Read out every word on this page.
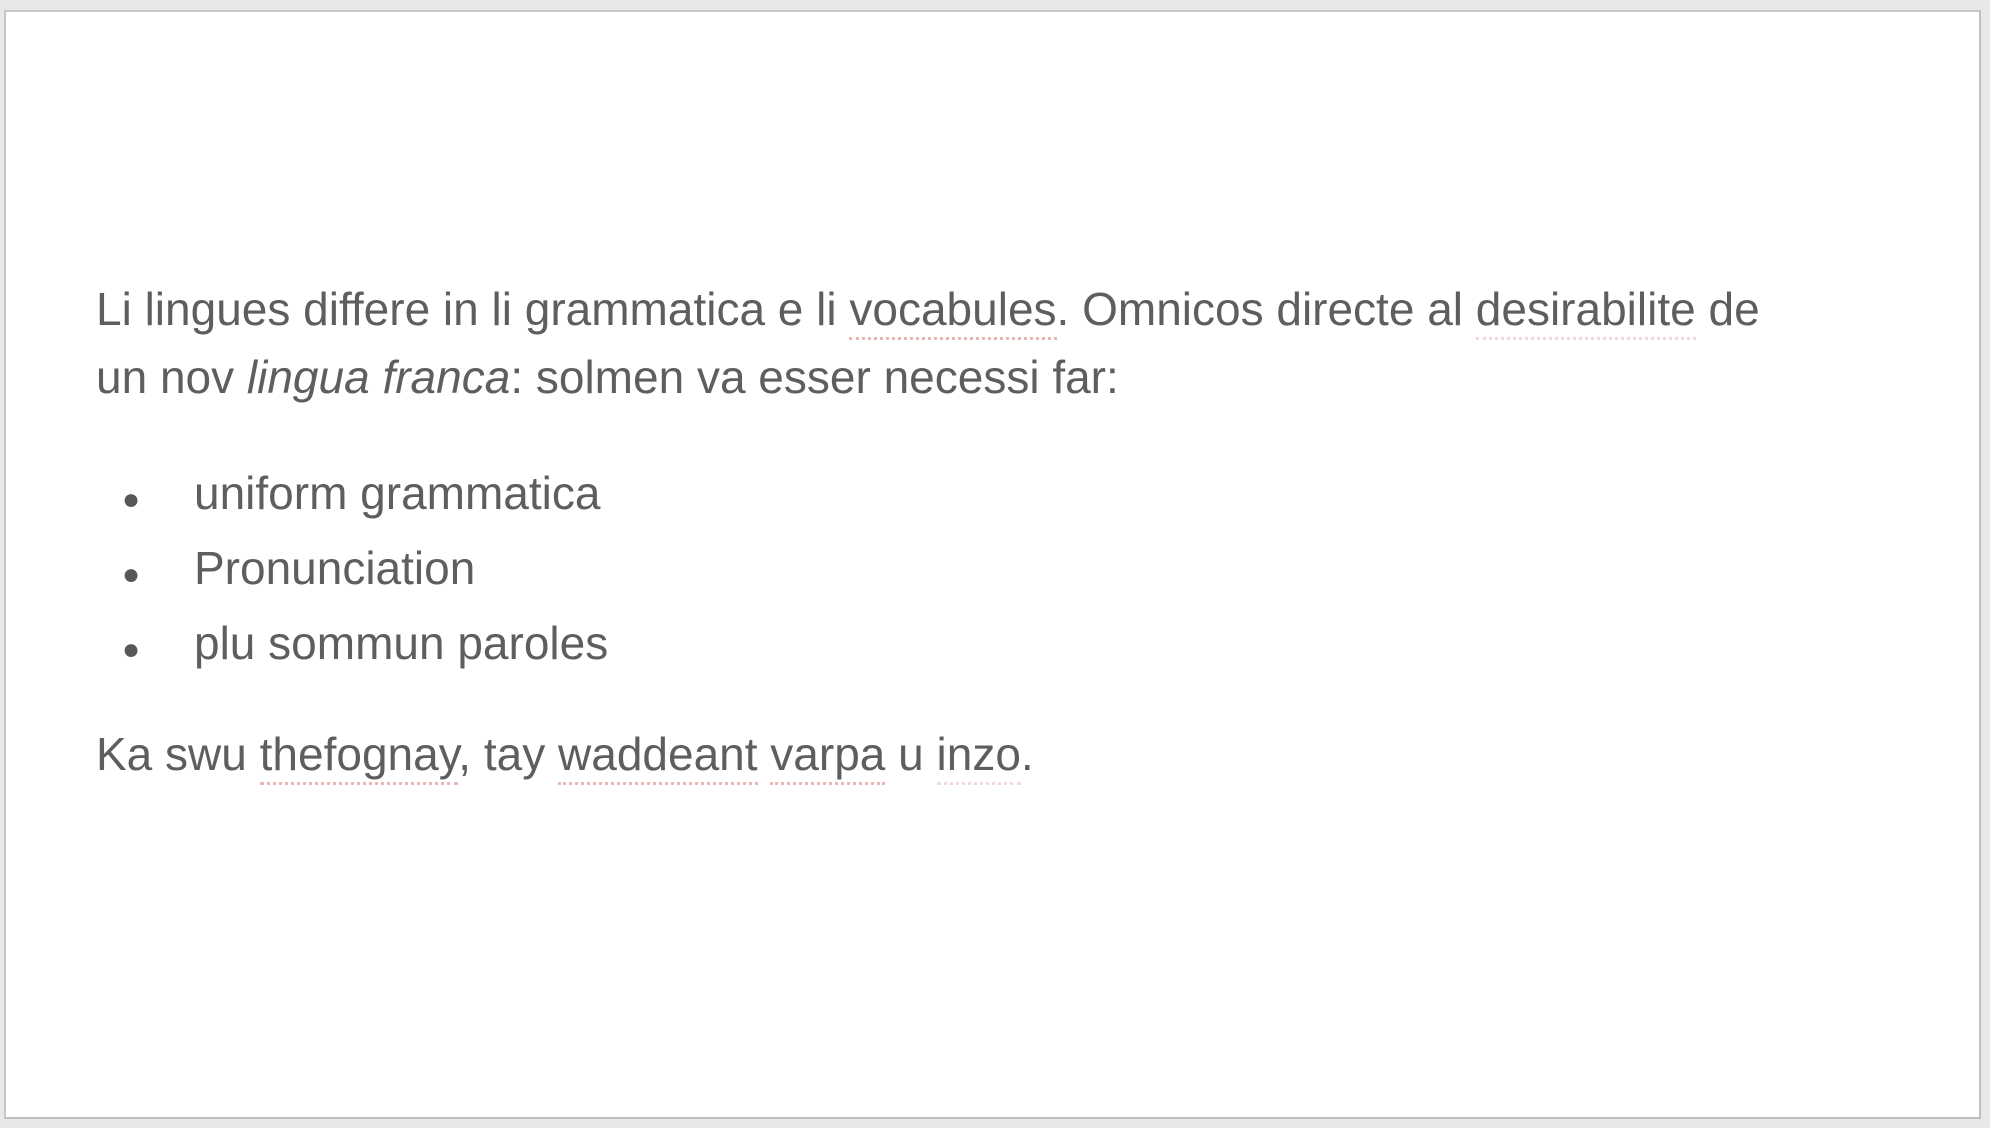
Li lingues differe in li grammatica e li vocabules. Omnicos directe al desirabilite de
un nov lingua franca: solmen va esser necessi far:
● uniform grammatica
● Pronunciation
● plu sommun paroles
Ka swu thefognay, tay waddeant varpa u inzo.
